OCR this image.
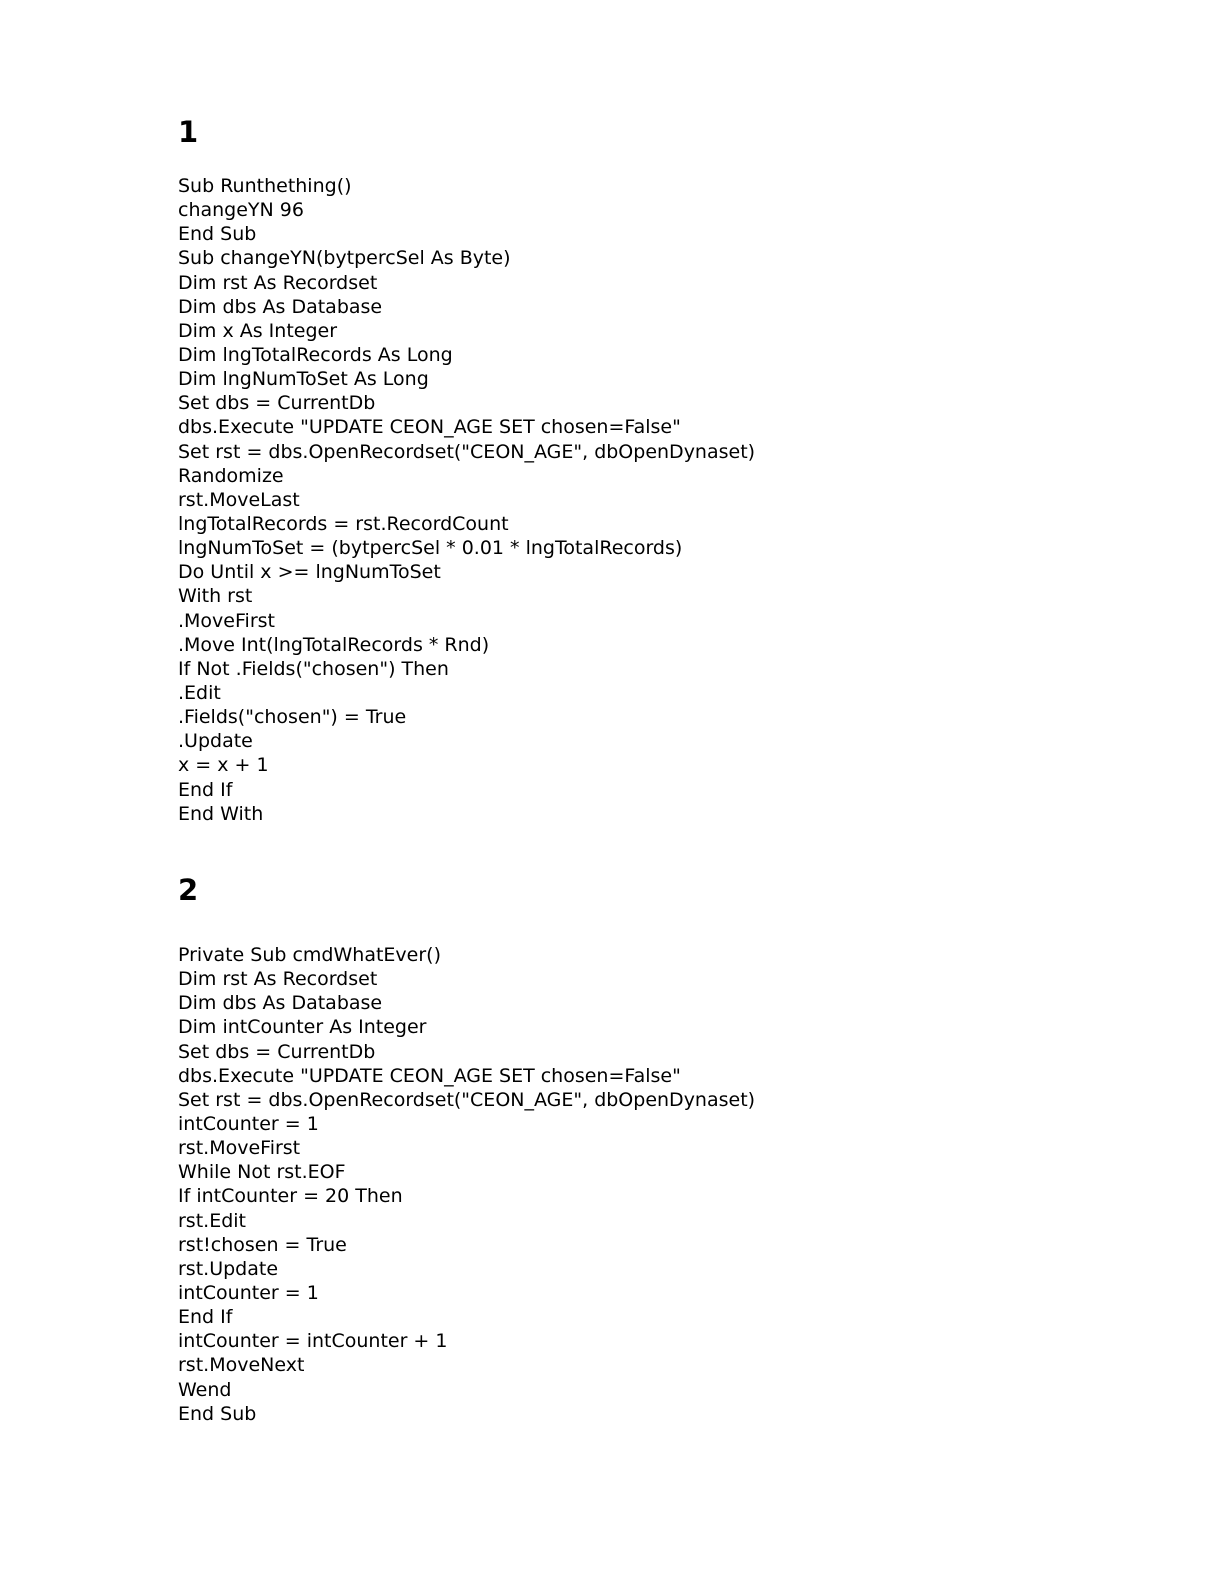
1
Sub Runthething()
changeYN 96
End Sub
Sub changeYN(bytpercSel As Byte)
Dim rst As Recordset
Dim dbs As Database
Dim x As Integer
Dim lngTotalRecords As Long
Dim lngNumToSet As Long
Set dbs = CurrentDb
dbs.Execute "UPDATE CEON_AGE SET chosen=False"
Set rst = dbs.OpenRecordset("CEON_AGE", dbOpenDynaset)
Randomize
rst.MoveLast
lngTotalRecords = rst.RecordCount
lngNumToSet = (bytpercSel * 0.01 * lngTotalRecords)
Do Until x >= lngNumToSet
With rst
.MoveFirst
.Move Int(lngTotalRecords * Rnd)
If Not .Fields("chosen") Then
.Edit
.Fields("chosen") = True
.Update
x = x + 1
End If
End With
2
Private Sub cmdWhatEver()
Dim rst As Recordset
Dim dbs As Database
Dim intCounter As Integer
Set dbs = CurrentDb
dbs.Execute "UPDATE CEON_AGE SET chosen=False"
Set rst = dbs.OpenRecordset("CEON_AGE", dbOpenDynaset)
intCounter = 1
rst.MoveFirst
While Not rst.EOF
If intCounter = 20 Then
rst.Edit
rst!chosen = True
rst.Update
intCounter = 1
End If
intCounter = intCounter + 1
rst.MoveNext
Wend
End Sub
